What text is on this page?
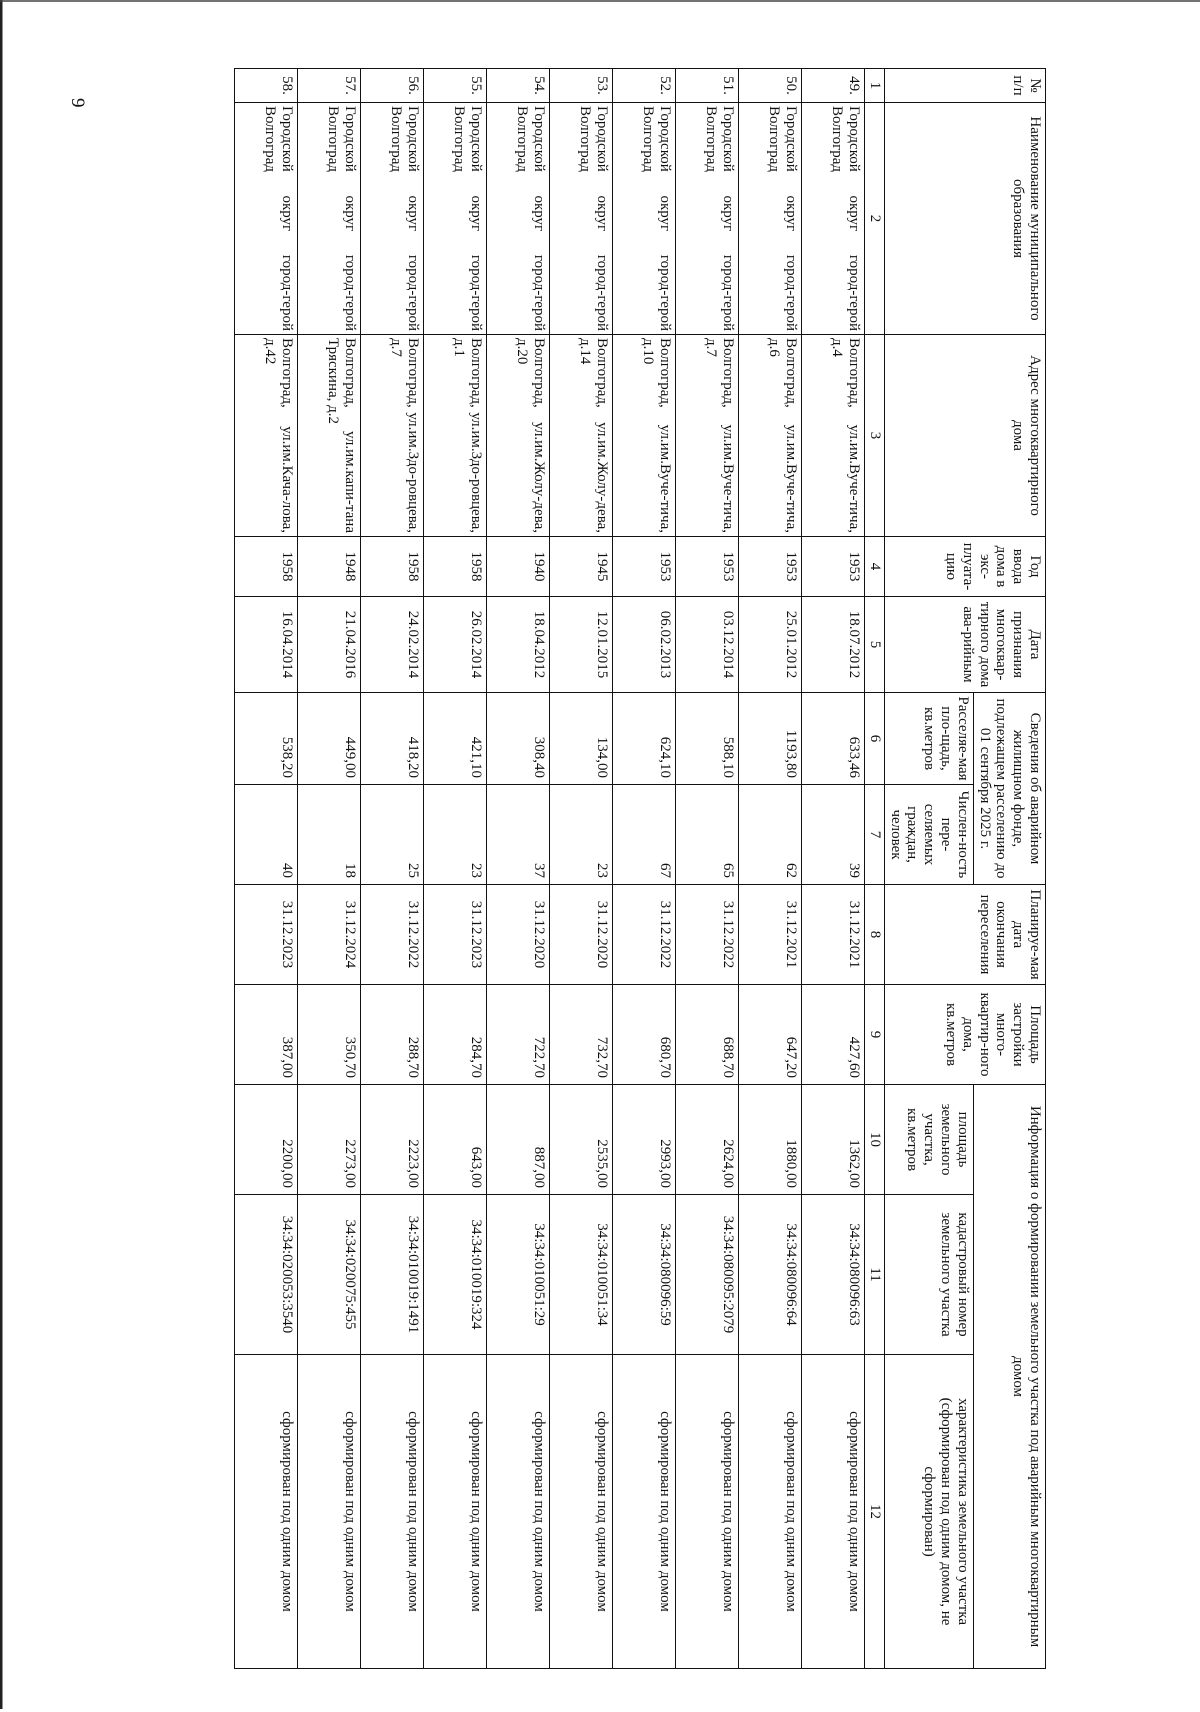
9
№ п/п	Наименование муниципального образования	Адрес многоквартирного дома	Год ввода дома в экс-плуата-цию	Дата признания многоквар-тирного дома ава-рийным	Сведения об аварийном жилищном фонде, подлежащем расселению до 01 сентября 2025 г.		Планируе-мая дата окончания переселения	Площадь застройки много-квартир-ного дома, кв.метров	Информация о формировании земельного участка под аварийным многоквартирным домом		
					Расселяе-мая пло-щадь, кв.метров	Числен-ность пере-селяемых граждан, человек			площадь земельного участка, кв.метров	кадастровый номер земельного участка	характеристика земельного участка (сформирован под одним домом, не сформирован)
1	2	3	4	5	6	7	8	9	10	11	12
49.	Городской округ город-герой Волгоград	Волгоград, ул.им.Вуче-тича, д.4	1953	18.07.2012	633,46	39	31.12.2021	427,60	1362,00	34:34:080096:63	сформирован под одним домом
50.	Городской округ город-герой Волгоград	Волгоград, ул.им.Вуче-тича, д.6	1953	25.01.2012	1193,80	62	31.12.2021	647,20	1880,00	34:34:080096:64	сформирован под одним домом
51.	Городской округ город-герой Волгоград	Волгоград, ул.им.Вуче-тича, д.7	1953	03.12.2014	588,10	65	31.12.2022	688,70	2624,00	34:34:080095:2079	сформирован под одним домом
52.	Городской округ город-герой Волгоград	Волгоград, ул.им.Вуче-тича, д.10	1953	06.02.2013	624,10	67	31.12.2022	680,70	2993,00	34:34:080096:59	сформирован под одним домом
53.	Городской округ город-герой Волгоград	Волгоград, ул.им.Жолу-дева, д.14	1945	12.01.2015	134,00	23	31.12.2020	732,70	2535,00	34:34:010051:34	сформирован под одним домом
54.	Городской округ город-герой Волгоград	Волгоград, ул.им.Жолу-дева, д.20	1940	18.04.2012	308,40	37	31.12.2020	722,70	887,00	34:34:010051:29	сформирован под одним домом
55.	Городской округ город-герой Волгоград	Волгоград, ул.им.Здо-ровцева, д.1	1958	26.02.2014	421,10	23	31.12.2023	284,70	643,00	34:34:010019:324	сформирован под одним домом
56.	Городской округ город-герой Волгоград	Волгоград, ул.им.Здо-ровцева, д.7	1958	24.02.2014	418,20	25	31.12.2022	288,70	2223,00	34:34:010019:1491	сформирован под одним домом
57.	Городской округ город-герой Волгоград	Волгоград, ул.им.капи-тана Тряскина, д.2	1948	21.04.2016	449,00	18	31.12.2024	350,70	2273,00	34:34:020075:455	сформирован под одним домом
58.	Городской округ город-герой Волгоград	Волгоград, ул.им.Кача-лова, д.42	1958	16.04.2014	538,20	40	31.12.2023	387,00	2200,00	34:34:020053:3540	сформирован под одним домом
